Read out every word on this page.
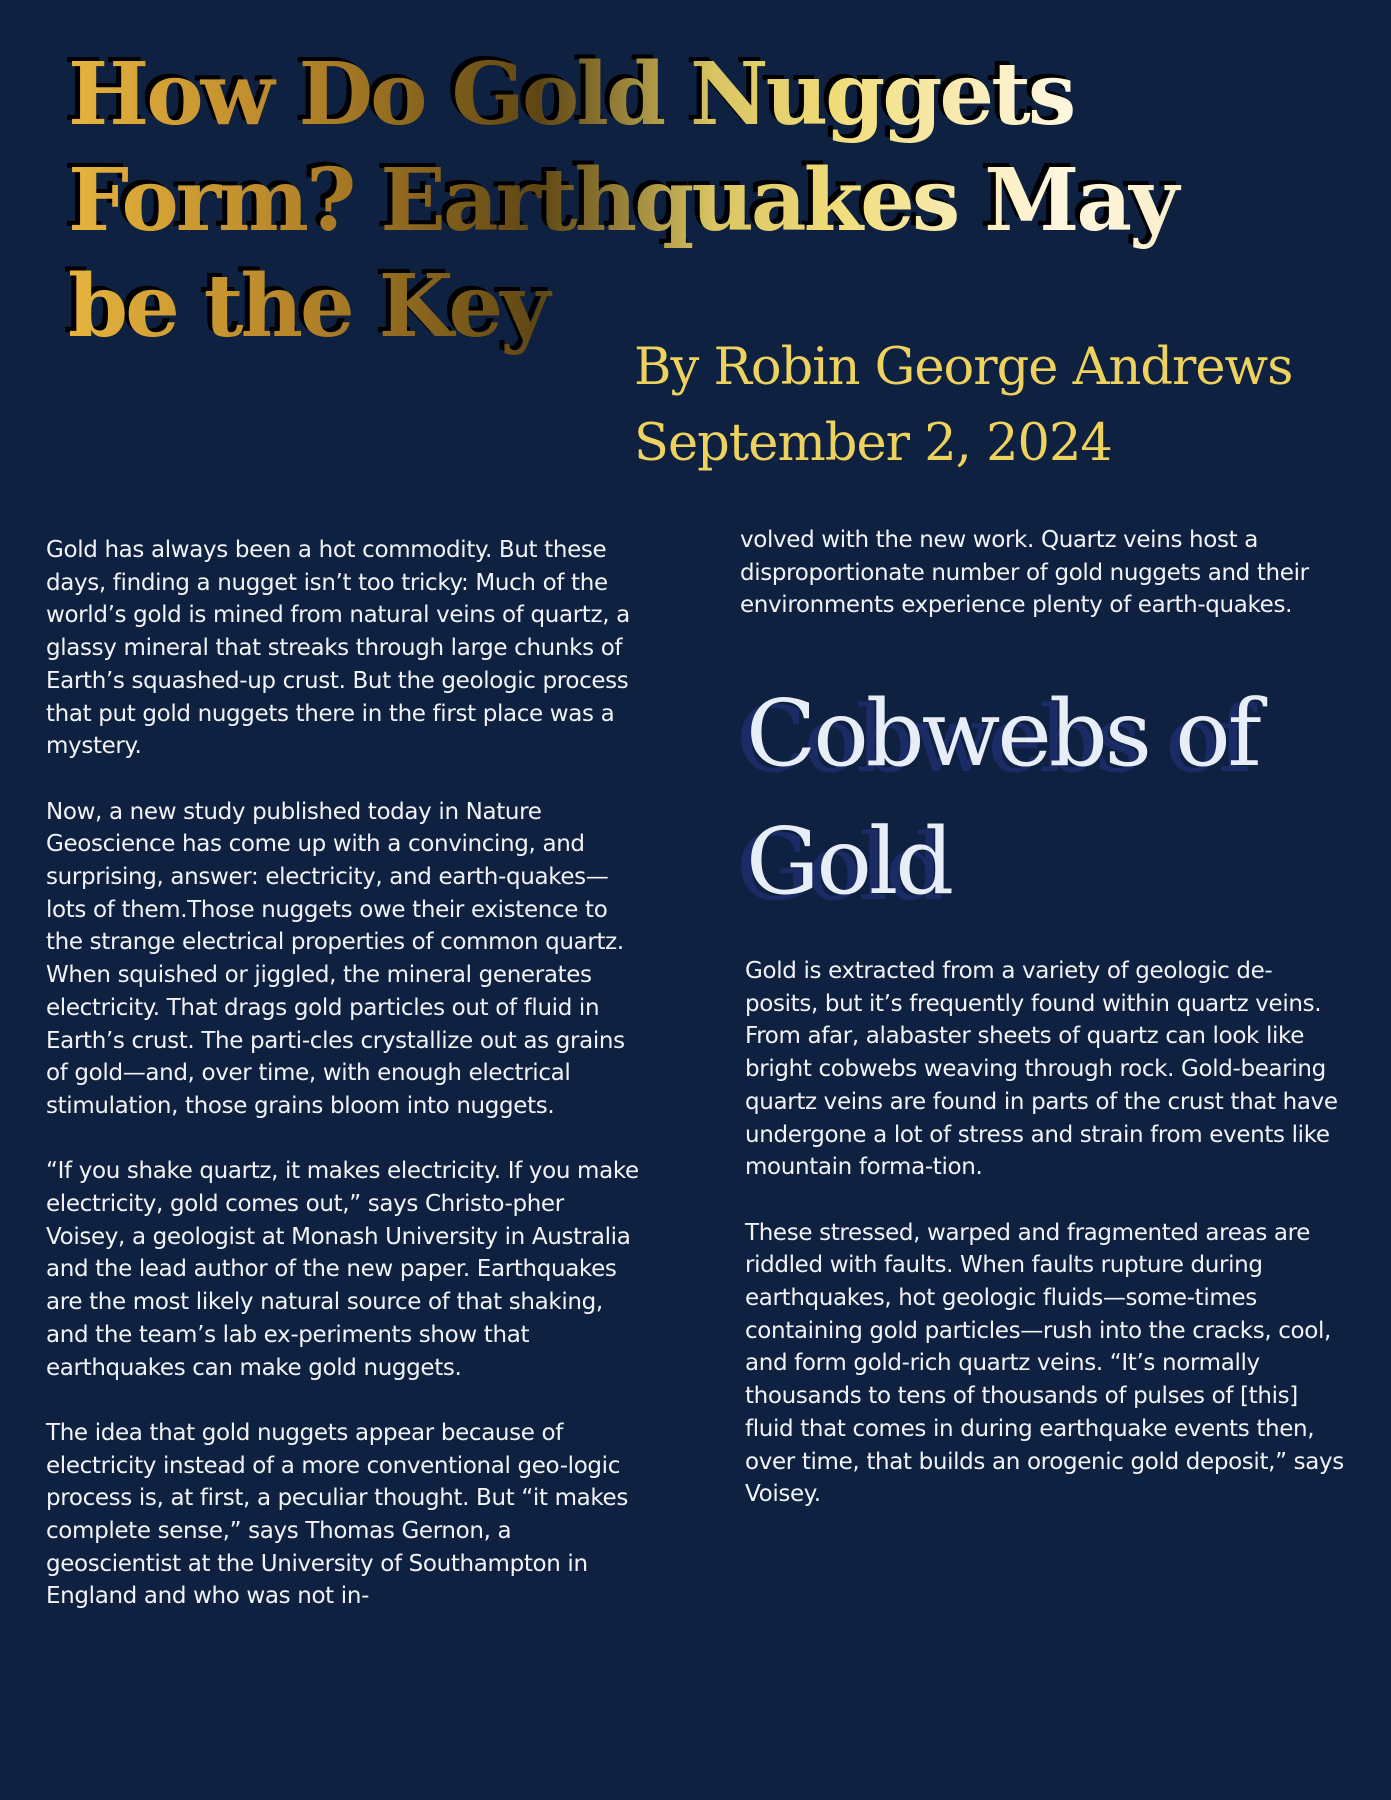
How Do Gold Nuggets Form? Earthquakes May be the Key
By Robin George Andrews
September 2, 2024

Gold has always been a hot commodity. But these days, finding a nugget isn’t too tricky: Much of the world’s gold is mined from natural veins of quartz, a glassy mineral that streaks through large chunks of Earth’s squashed-up crust. But the geologic process that put gold nuggets there in the first place was a mystery.

Now, a new study published today in Nature Geoscience has come up with a convincing, and surprising, answer: electricity, and earth-quakes—lots of them.Those nuggets owe their existence to the strange electrical properties of common quartz. When squished or jiggled, the mineral generates electricity. That drags gold particles out of fluid in Earth’s crust. The parti-cles crystallize out as grains of gold—and, over time, with enough electrical stimulation, those grains bloom into nuggets.

“If you shake quartz, it makes electricity. If you make electricity, gold comes out,” says Christo-pher Voisey, a geologist at Monash University in Australia and the lead author of the new paper. Earthquakes are the most likely natural source of that shaking, and the team’s lab ex-periments show that earthquakes can make gold nuggets.

The idea that gold nuggets appear because of electricity instead of a more conventional geo-logic process is, at first, a peculiar thought. But “it makes complete sense,” says Thomas Gernon, a geoscientist at the University of Southampton in England and who was not in-

volved with the new work. Quartz veins host a disproportionate number of gold nuggets and their environments experience plenty of earth-quakes.

Cobwebs of Gold

Gold is extracted from a variety of geologic de-posits, but it’s frequently found within quartz veins. From afar, alabaster sheets of quartz can look like bright cobwebs weaving through rock. Gold-bearing quartz veins are found in parts of the crust that have undergone a lot of stress and strain from events like mountain forma-tion.

These stressed, warped and fragmented areas are riddled with faults. When faults rupture during earthquakes, hot geologic fluids—some-times containing gold particles—rush into the cracks, cool, and form gold-rich quartz veins. “It’s normally thousands to tens of thousands of pulses of [this] fluid that comes in during earthquake events then, over time, that builds an orogenic gold deposit,” says Voisey.
